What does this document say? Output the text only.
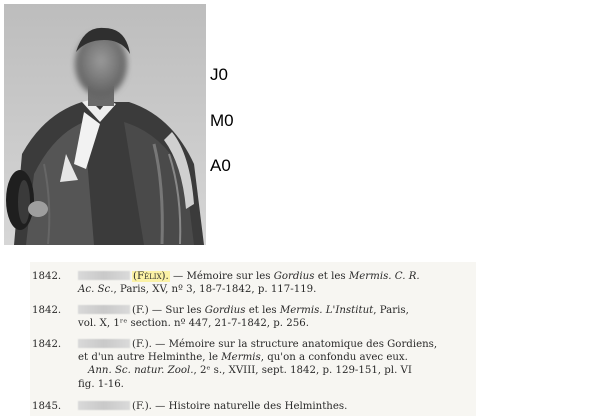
J0
M0
A0
1842.	(Félix). — Mémoire sur les Gordius et les Mermis. C. R.
Ac. Sc., Paris, XV, nº 3, 18-7-1842, p. 117-119.
1842.	(F.) — Sur les Gordius et les Mermis. L'Institut, Paris,
vol. X, 1ʳᵉ section. nº 447, 21-7-1842, p. 256.
1842.	(F.). — Mémoire sur la structure anatomique des Gordiens,
et d'un autre Helminthe, le Mermis, qu'on a confondu avec eux.
Ann. Sc. natur. Zool., 2ᵉ s., XVIII, sept. 1842, p. 129-151, pl. VI
fig. 1-16.
1845.	(F.). — Histoire naturelle des Helminthes.
